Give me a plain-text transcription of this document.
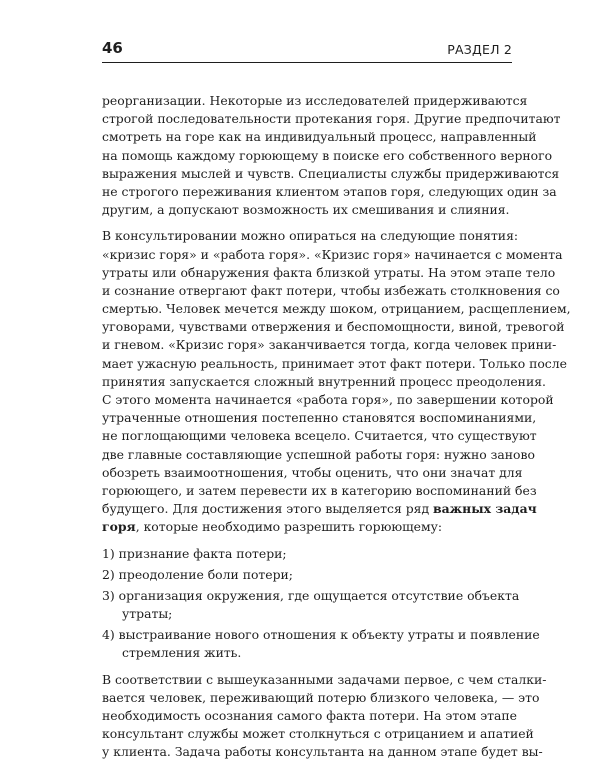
46	РАЗДЕЛ 2
реорганизации. Некоторые из исследователей придерживаются
строгой последовательности протекания горя. Другие предпочитают
смотреть на горе как на индивидуальный процесс, направленный
на помощь каждому горюющему в поиске его собственного верного
выражения мыслей и чувств. Специалисты службы придерживаются
не строгого переживания клиентом этапов горя, следующих один за
другим, а допускают возможность их смешивания и слияния.
В консультировании можно опираться на следующие понятия:
«кризис горя» и «работа горя». «Кризис горя» начинается с момента
утраты или обнаружения факта близкой утраты. На этом этапе тело
и сознание отвергают факт потери, чтобы избежать столкновения со
смертью. Человек мечется между шоком, отрицанием, расщеплением,
уговорами, чувствами отвержения и беспомощности, виной, тревогой
и гневом. «Кризис горя» заканчивается тогда, когда человек прини-
мает ужасную реальность, принимает этот факт потери. Только после
принятия запускается сложный внутренний процесс преодоления.
С этого момента начинается «работа горя», по завершении которой
утраченные отношения постепенно становятся воспоминаниями,
не поглощающими человека всецело. Считается, что существуют
две главные составляющие успешной работы горя: нужно заново
обозреть взаимоотношения, чтобы оценить, что они значат для
горюющего, и затем перевести их в категорию воспоминаний без
будущего. Для достижения этого выделяется ряд важных задач
горя, которые необходимо разрешить горюющему:
1) признание факта потери;
2) преодоление боли потери;
3) организация окружения, где ощущается отсутствие объекта
утраты;
4) выстраивание нового отношения к объекту утраты и появление
стремления жить.
В соответствии с вышеуказанными задачами первое, с чем сталки-
вается человек, переживающий потерю близкого человека, — это
необходимость осознания самого факта потери. На этом этапе
консультант службы может столкнуться с отрицанием и апатией
у клиента. Задача работы консультанта на данном этапе будет вы-
